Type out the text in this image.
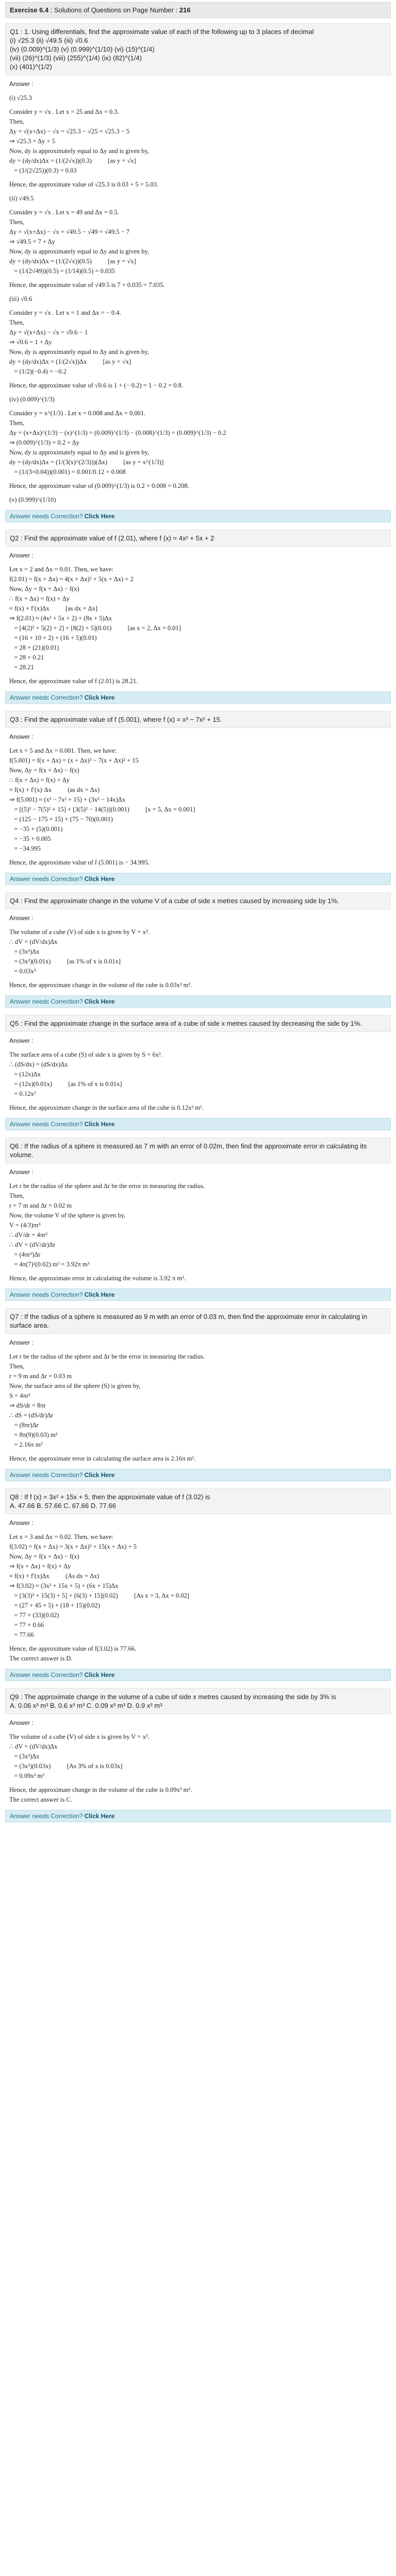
Exercise 6.4 : Solutions of Questions on Page Number : 216
Q1 : 1. Using differentials, find the approximate value of each of the following up to 3 places of decimal
(i) √25.3 (ii) √49.5 (iii) √0.6
(iv) (0.009)^(1/3) (v) (0.999)^(1/10) (vi) (15)^(1/4)
(vii) (26)^(1/3) (viii) (255)^(1/4) (ix) (82)^(1/4)
(x) (401)^(1/2)
Answer :
(i) √25.3
Consider y = √x . Let x = 25 and Δx = 0.3.
Then,
Δy = √(x+Δx) − √x = √25.3 − √25 = √25.3 − 5
⇒ √25.3 = Δy + 5
Now, dy is approximately equal to Δy and is given by,
dy = (dy/dx)Δx = (1/(2√x))(0.3)          [as y = √x]
= (1/(2√25))(0.3) = 0.03
Hence, the approximate value of √25.3 is 0.03 + 5 = 5.03.
(ii) √49.5
Consider y = √x . Let x = 49 and Δx = 0.5.
Then,
Δy = √(x+Δx) − √x = √49.5 − √49 = √49.5 − 7
⇒ √49.5 = 7 + Δy
Now, dy is approximately equal to Δy and is given by,
dy = (dy/dx)Δx = (1/(2√x))(0.5)          [as y = √x]
= (1/(2√49))(0.5) = (1/14)(0.5) = 0.035
Hence, the approximate value of √49.5 is 7 + 0.035 = 7.035.
(iii) √0.6
Consider y = √x . Let x = 1 and Δx = − 0.4.
Then,
Δy = √(x+Δx) − √x = √0.6 − 1
⇒ √0.6 = 1 + Δy
Now, dy is approximately equal to Δy and is given by,
dy = (dy/dx)Δx = (1/(2√x))Δx          [as y = √x]
= (1/2)(−0.4) = −0.2
Hence, the approximate value of √0.6 is 1 + (− 0.2) = 1 − 0.2 = 0.8.
(iv) (0.009)^(1/3)
Consider y = x^(1/3) . Let x = 0.008 and Δx = 0.001.
Then,
Δy = (x+Δx)^(1/3) − (x)^(1/3) = (0.009)^(1/3) − (0.008)^(1/3) = (0.009)^(1/3) − 0.2
⇒ (0.009)^(1/3) = 0.2 + Δy
Now, dy is approximately equal to Δy and is given by,
dy = (dy/dx)Δx = (1/(3(x)^(2/3)))(Δx)          [as y = x^(1/3)]
= (1/(3×0.04))(0.001) = 0.001/0.12 = 0.008
Hence, the approximate value of (0.009)^(1/3) is 0.2 + 0.008 = 0.208.
(v) (0.999)^(1/10)
Answer needs Correction? Click Here
Q2 : Find the approximate value of f (2.01), where f (x) = 4x² + 5x + 2
Answer :
Let x = 2 and Δx = 0.01. Then, we have:
f(2.01) = f(x + Δx) = 4(x + Δx)² + 5(x + Δx) + 2
Now, Δy = f(x + Δx) − f(x)
∴ f(x + Δx) = f(x) + Δy
≈ f(x) + f′(x)Δx          [as dx = Δx]
⇒ f(2.01) ≈ (4x² + 5x + 2) + (8x + 5)Δx
= [4(2)² + 5(2) + 2] + [8(2) + 5](0.01)          [as x = 2, Δx = 0.01]
= (16 + 10 + 2) + (16 + 5)(0.01)
= 28 + (21)(0.01)
= 28 + 0.21
= 28.21
Hence, the approximate value of f (2.01) is 28.21.
Answer needs Correction? Click Here
Q3 : Find the approximate value of f (5.001), where f (x) = x³ − 7x² + 15.
Answer :
Let x = 5 and Δx = 0.001. Then, we have:
f(5.001) = f(x + Δx) = (x + Δx)³ − 7(x + Δx)² + 15
Now, Δy = f(x + Δx) − f(x)
∴ f(x + Δx) = f(x) + Δy
≈ f(x) + f′(x)·Δx          (as dx = Δx)
⇒ f(5.001) ≈ (x³ − 7x² + 15) + (3x² − 14x)Δx
= [(5)³ − 7(5)² + 15] + [3(5)² − 14(5)](0.001)          [x = 5, Δx = 0.001]
= (125 − 175 + 15) + (75 − 70)(0.001)
= −35 + (5)(0.001)
= −35 + 0.005
= −34.995
Hence, the approximate value of f (5.001) is − 34.995.
Answer needs Correction? Click Here
Q4 : Find the approximate change in the volume V of a cube of side x metres caused by increasing side by 1%.
Answer :
The volume of a cube (V) of side x is given by V = x³.
∴ dV = (dV/dx)Δx
= (3x²)Δx
= (3x²)(0.01x)          [as 1% of x is 0.01x]
= 0.03x³
Hence, the approximate change in the volume of the cube is 0.03x³ m³.
Answer needs Correction? Click Here
Q5 : Find the approximate change in the surface area of a cube of side x metres caused by decreasing the side by 1%.
Answer :
The surface area of a cube (S) of side x is given by S = 6x².
∴ (dS/dx) = (dS/dx)Δx
= (12x)Δx
= (12x)(0.01x)          [as 1% of x is 0.01x]
= 0.12x²
Hence, the approximate change in the surface area of the cube is 0.12x² m².
Answer needs Correction? Click Here
Q6 : If the radius of a sphere is measured as 7 m with an error of 0.02m, then find the approximate error in calculating its volume.
Answer :
Let r be the radius of the sphere and Δr be the error in measuring the radius.
Then,
r = 7 m and Δr = 0.02 m
Now, the volume V of the sphere is given by,
V = (4/3)πr³
∴ dV/dr = 4πr²
∴ dV = (dV/dr)Δr
= (4πr²)Δr
= 4π(7)²(0.02) m³ = 3.92π m³
Hence, the approximate error in calculating the volume is 3.92 π m³.
Answer needs Correction? Click Here
Q7 : If the radius of a sphere is measured as 9 m with an error of 0.03 m, then find the approximate error in calculating in surface area.
Answer :
Let r be the radius of the sphere and Δr be the error in measuring the radius.
Then,
r = 9 m and Δr = 0.03 m
Now, the surface area of the sphere (S) is given by,
S = 4πr²
⇒ dS/dr = 8πr
∴ dS = (dS/dr)Δr
= (8πr)Δr
= 8π(9)(0.03) m²
= 2.16π m²
Hence, the approximate error in calculating the surface area is 2.16π m².
Answer needs Correction? Click Here
Q8 : If f (x) = 3x² + 15x + 5, then the approximate value of f (3.02) is
A. 47.66 B. 57.66 C. 67.66 D. 77.66
Answer :
Let x = 3 and Δx = 0.02. Then, we have:
f(3.02) = f(x + Δx) = 3(x + Δx)² + 15(x + Δx) + 5
Now, Δy = f(x + Δx) − f(x)
⇒ f(x + Δx) = f(x) + Δy
≈ f(x) + f′(x)Δx          (As dx = Δx)
⇒ f(3.02) ≈ (3x² + 15x + 5) + (6x + 15)Δx
= [3(3)² + 15(3) + 5] + [6(3) + 15](0.02)          [As x = 3, Δx = 0.02]
= (27 + 45 + 5) + (18 + 15)(0.02)
= 77 + (33)(0.02)
= 77 + 0.66
= 77.66
Hence, the approximate value of f(3.02) is 77.66.
The correct answer is D.
Answer needs Correction? Click Here
Q9 : The approximate change in the volume of a cube of side x metres caused by increasing the side by 3% is
A. 0.06 x³ m³ B. 0.6 x³ m³ C. 0.09 x³ m³ D. 0.9 x³ m³
Answer :
The volume of a cube (V) of side x is given by V = x³.
∴ dV = (dV/dx)Δx
= (3x²)Δx
= (3x²)(0.03x)          [As 3% of x is 0.03x]
= 0.09x³ m³
Hence, the approximate change in the volume of the cube is 0.09x³ m³.
The correct answer is C.
Answer needs Correction? Click Here
